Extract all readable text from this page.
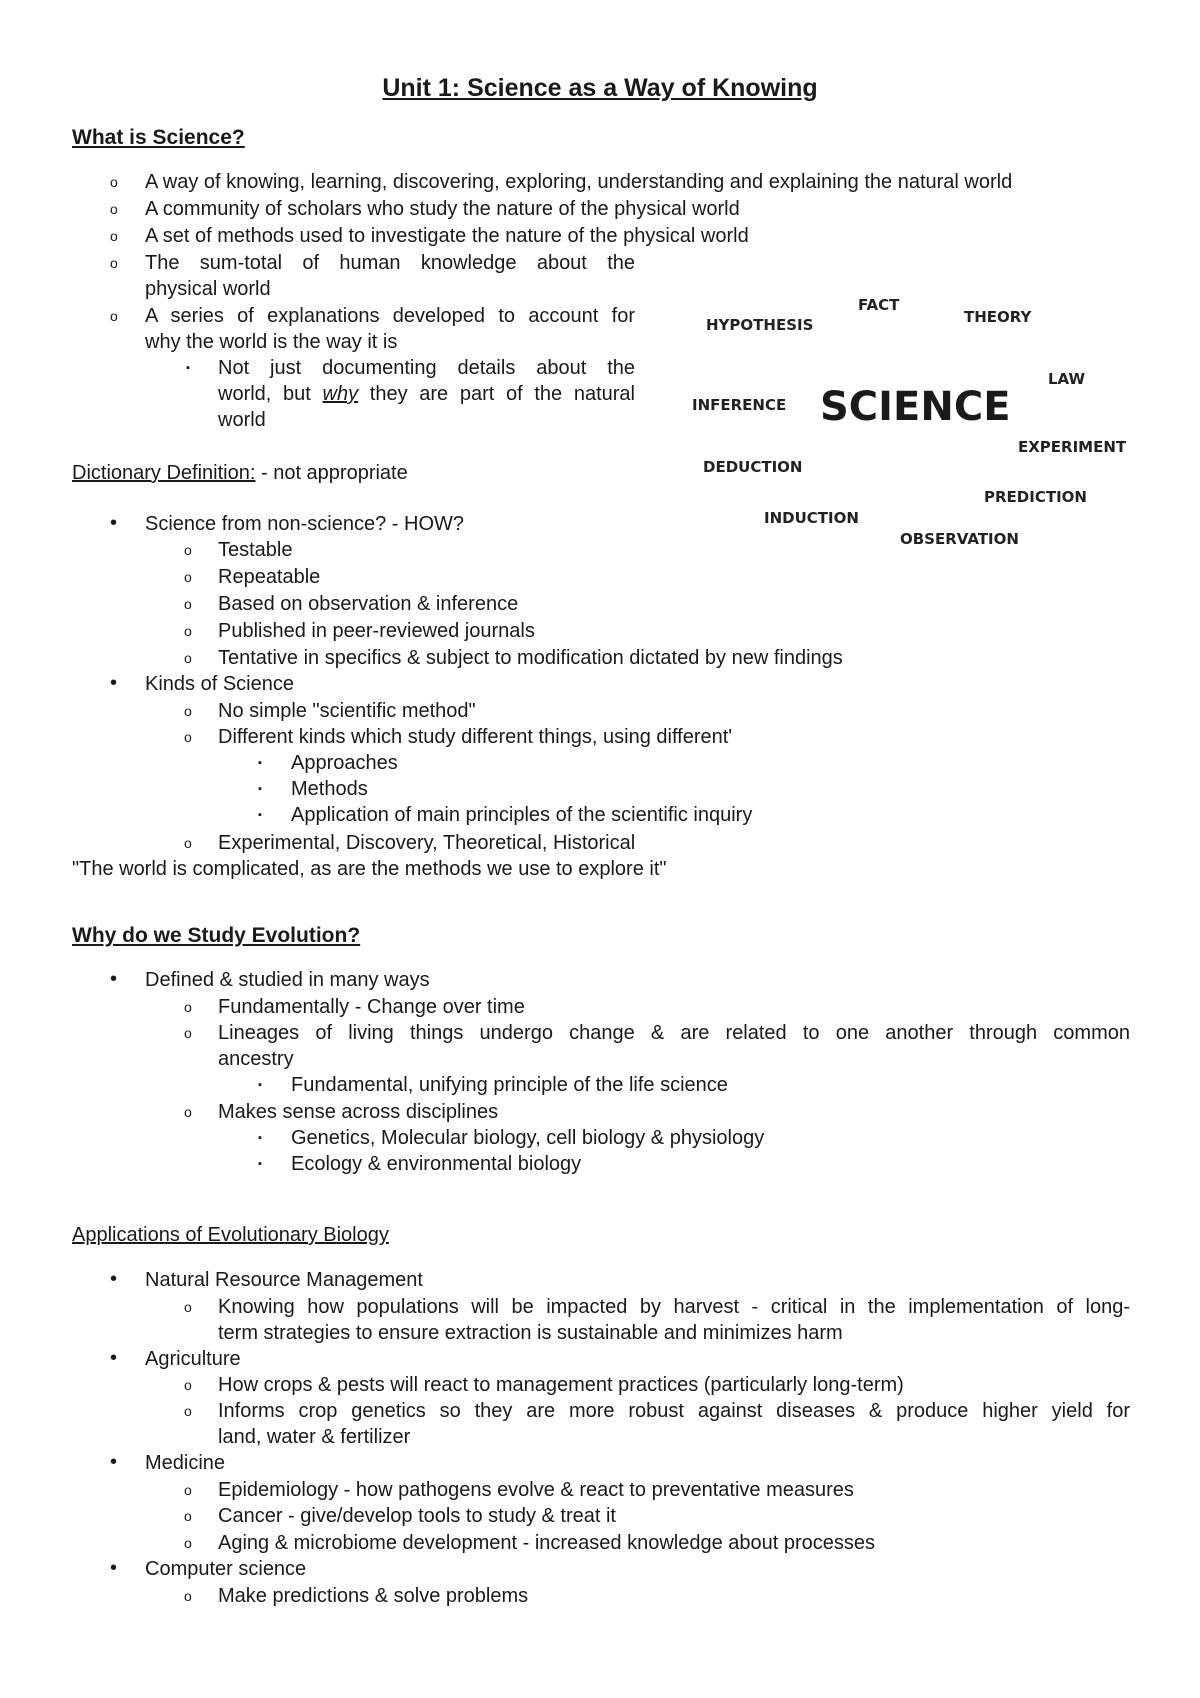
Unit 1: Science as a Way of Knowing
What is Science?
o A way of knowing, learning, discovering, exploring, understanding and explaining the natural world
o A community of scholars who study the nature of the physical world
o A set of methods used to investigate the nature of the physical world
o The sum-total of human knowledge about the
physical world
o A series of explanations developed to account for
why the world is the way it is
▪ Not just documenting details about the
world, but why they are part of the natural
world
FACT
HYPOTHESIS	THEORY
LAW
INFERENCE SCIENCE
EXPERIMENT
DEDUCTION
PREDICTION
INDUCTION
OBSERVATION
Dictionary Definition: - not appropriate
• Science from non-science? - HOW?
o Testable
o Repeatable
o Based on observation & inference
o Published in peer-reviewed journals
o Tentative in specifics & subject to modification dictated by new findings
• Kinds of Science
o No simple "scientific method"
o Different kinds which study different things, using different'
▪ Approaches
▪ Methods
▪ Application of main principles of the scientific inquiry
o Experimental, Discovery, Theoretical, Historical
"The world is complicated, as are the methods we use to explore it"
Why do we Study Evolution?
• Defined & studied in many ways
o Fundamentally - Change over time
o Lineages of living things undergo change & are related to one another through common
ancestry
▪ Fundamental, unifying principle of the life science
o Makes sense across disciplines
▪ Genetics, Molecular biology, cell biology & physiology
▪ Ecology & environmental biology
Applications of Evolutionary Biology
• Natural Resource Management
o Knowing how populations will be impacted by harvest - critical in the implementation of long-
term strategies to ensure extraction is sustainable and minimizes harm
• Agriculture
o How crops & pests will react to management practices (particularly long-term)
o Informs crop genetics so they are more robust against diseases & produce higher yield for
land, water & fertilizer
• Medicine
o Epidemiology - how pathogens evolve & react to preventative measures
o Cancer - give/develop tools to study & treat it
o Aging & microbiome development - increased knowledge about processes
• Computer science
o Make predictions & solve problems
